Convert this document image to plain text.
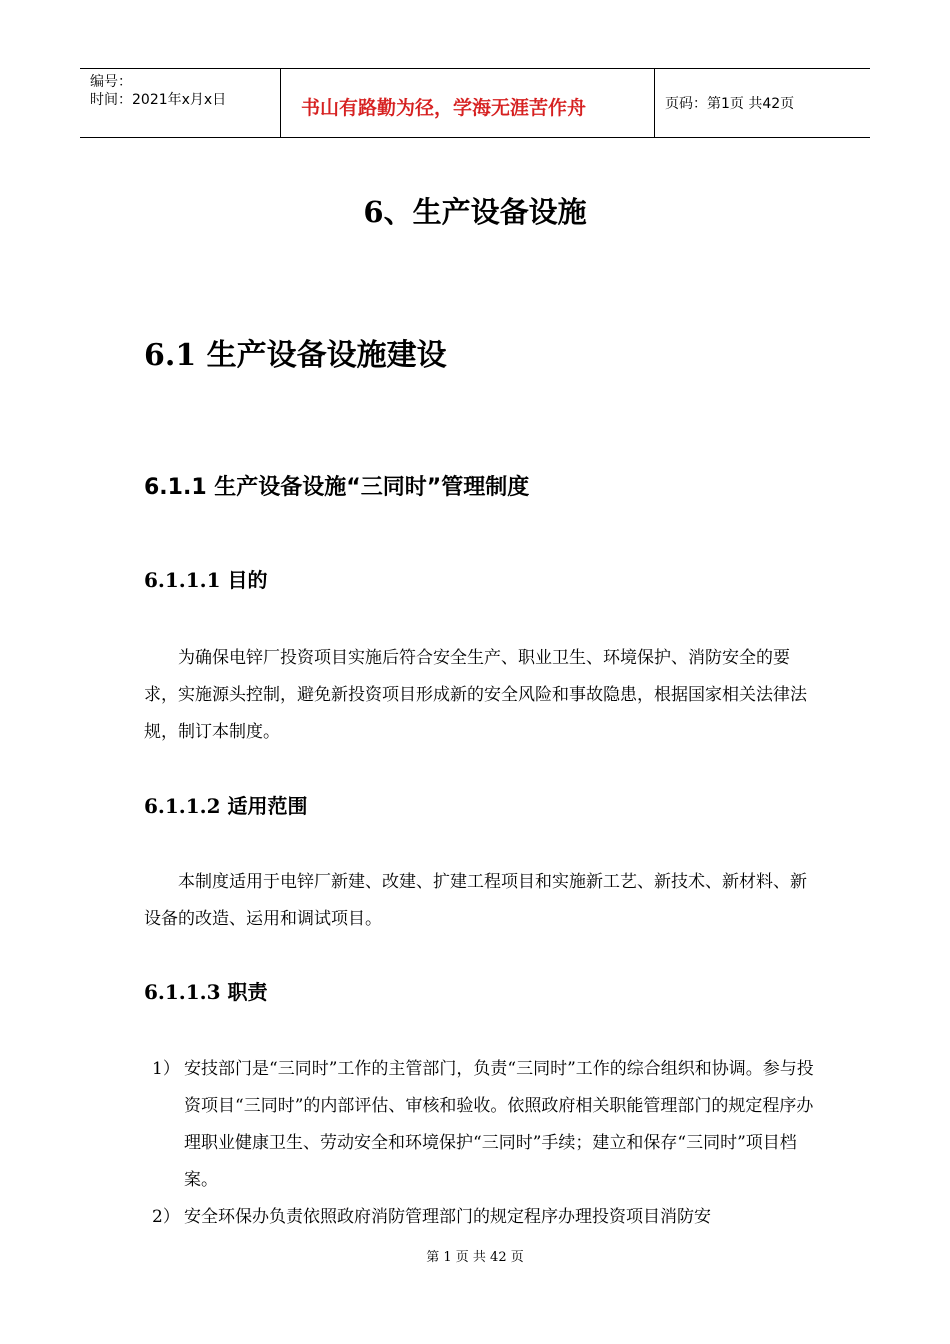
编号：
时间：2021年x月x日	书山有路勤为径，学海无涯苦作舟	页码：第1页 共42页
6、生产设备设施
6.1 生产设备设施建设
6.1.1 生产设备设施“三同时”管理制度
6.1.1.1 目的

为确保电锌厂投资项目实施后符合安全生产、职业卫生、环境保护、消防安全的要求，实施源头控制，避免新投资项目形成新的安全风险和事故隐患，根据国家相关法律法规，制订本制度。

6.1.1.2 适用范围

本制度适用于电锌厂新建、改建、扩建工程项目和实施新工艺、新技术、新材料、新设备的改造、运用和调试项目。

6.1.1.3 职责
1） 安技部门是“三同时”工作的主管部门，负责“三同时”工作的综合组织和协调。参与投资项目“三同时”的内部评估、审核和验收。依照政府相关职能管理部门的规定程序办理职业健康卫生、劳动安全和环境保护“三同时”手续；建立和保存“三同时”项目档案。
2） 安全环保办负责依照政府消防管理部门的规定程序办理投资项目消防安
第 1 页 共 42 页
